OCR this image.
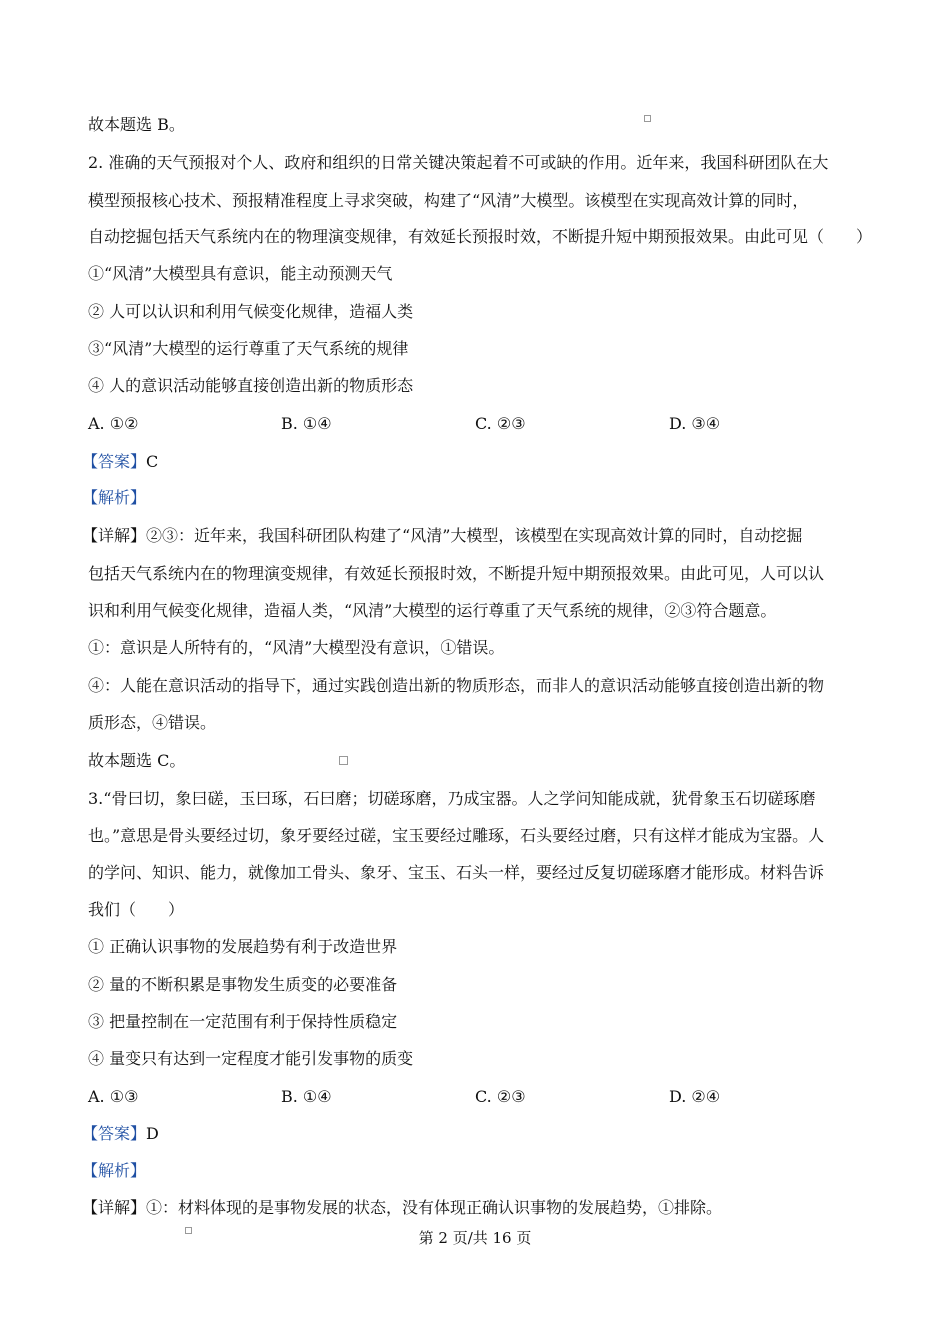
故本题选 B。
2. 准确的天气预报对个人、政府和组织的日常关键决策起着不可或缺的作用。近年来，我国科研团队在大
模型预报核心技术、预报精准程度上寻求突破，构建了“风清”大模型。该模型在实现高效计算的同时，
自动挖掘包括天气系统内在的物理演变规律，有效延长预报时效，不断提升短中期预报效果。由此可见（　　）
①“风清”大模型具有意识，能主动预测天气
② 人可以认识和利用气候变化规律，造福人类
③“风清”大模型的运行尊重了天气系统的规律
④ 人的意识活动能够直接创造出新的物质形态
A. ①②	B. ①④	C. ②③	D. ③④
【答案】C
【解析】
【详解】②③：近年来，我国科研团队构建了“风清”大模型，该模型在实现高效计算的同时，自动挖掘
包括天气系统内在的物理演变规律，有效延长预报时效，不断提升短中期预报效果。由此可见，人可以认
识和利用气候变化规律，造福人类，“风清”大模型的运行尊重了天气系统的规律，②③符合题意。
①：意识是人所特有的，“风清”大模型没有意识，①错误。
④：人能在意识活动的指导下，通过实践创造出新的物质形态，而非人的意识活动能够直接创造出新的物
质形态，④错误。
故本题选 C。
3.“骨曰切，象曰磋，玉曰琢，石曰磨；切磋琢磨，乃成宝器。人之学问知能成就，犹骨象玉石切磋琢磨
也。”意思是骨头要经过切，象牙要经过磋，宝玉要经过雕琢，石头要经过磨，只有这样才能成为宝器。人
的学问、知识、能力，就像加工骨头、象牙、宝玉、石头一样，要经过反复切磋琢磨才能形成。材料告诉
我们（　　）
① 正确认识事物的发展趋势有利于改造世界
② 量的不断积累是事物发生质变的必要准备
③ 把量控制在一定范围有利于保持性质稳定
④ 量变只有达到一定程度才能引发事物的质变
A. ①③	B. ①④	C. ②③	D. ②④
【答案】D
【解析】
【详解】①：材料体现的是事物发展的状态，没有体现正确认识事物的发展趋势，①排除。
第 2 页/共 16 页
